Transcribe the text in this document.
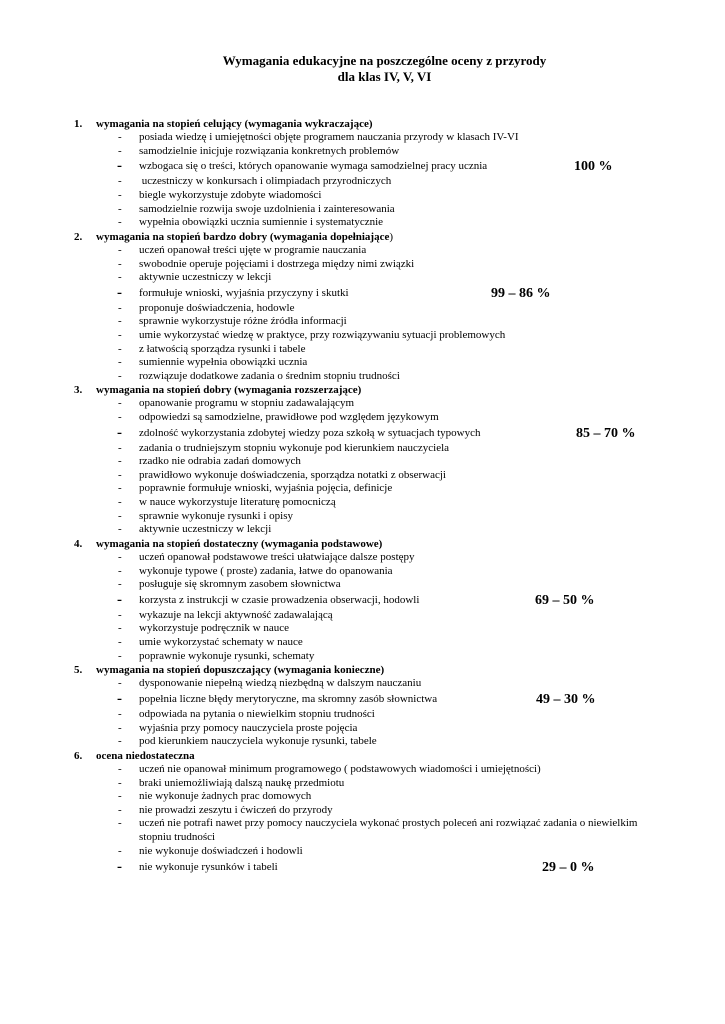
Wymagania edukacyjne na poszczególne oceny z przyrody
dla klas IV, V, VI
1. wymagania na stopień celujący (wymagania wykraczające)
- posiada wiedzę i umiejętności objęte programem nauczania przyrody w klasach IV-VI
- samodzielnie inicjuje rozwiązania konkretnych problemów
- wzbogaca się o treści, których opanowanie wymaga samodzielnej pracy ucznia	100 %
- uczestniczy w konkursach i olimpiadach przyrodniczych
- biegle wykorzystuje zdobyte wiadomości
- samodzielnie rozwija swoje uzdolnienia i zainteresowania
- wypełnia obowiązki ucznia sumiennie i systematycznie
2. wymagania na stopień bardzo dobry (wymagania dopełniające)
- uczeń opanował treści ujęte w programie nauczania
- swobodnie operuje pojęciami i dostrzega między nimi związki
- aktywnie uczestniczy w lekcji
- formułuje wnioski, wyjaśnia przyczyny i skutki	99 – 86 %
- proponuje doświadczenia, hodowle
- sprawnie wykorzystuje różne źródła informacji
- umie wykorzystać wiedzę w praktyce, przy rozwiązywaniu sytuacji problemowych
- z łatwością sporządza rysunki i tabele
- sumiennie wypełnia obowiązki ucznia
- rozwiązuje dodatkowe zadania o średnim stopniu trudności
3. wymagania na stopień dobry (wymagania rozszerzające)
- opanowanie programu w stopniu zadawalającym
- odpowiedzi są samodzielne, prawidłowe pod względem językowym
- zdolność wykorzystania zdobytej wiedzy poza szkołą w sytuacjach typowych	85 – 70 %
- zadania o trudniejszym stopniu wykonuje pod kierunkiem nauczyciela
- rzadko nie odrabia zadań domowych
- prawidłowo wykonuje doświadczenia, sporządza notatki z obserwacji
- poprawnie formułuje wnioski, wyjaśnia pojęcia, definicje
- w nauce wykorzystuje literaturę pomocniczą
- sprawnie wykonuje rysunki i opisy
- aktywnie uczestniczy w lekcji
4. wymagania na stopień dostateczny (wymagania podstawowe)
- uczeń opanował podstawowe treści ułatwiające dalsze postępy
- wykonuje typowe ( proste) zadania, łatwe do opanowania
- posługuje się skromnym zasobem słownictwa
- korzysta z instrukcji w czasie prowadzenia obserwacji, hodowli	69 – 50 %
- wykazuje na lekcji aktywność zadawalającą
- wykorzystuje podręcznik w nauce
- umie wykorzystać schematy w nauce
- poprawnie wykonuje rysunki, schematy
5. wymagania na stopień dopuszczający (wymagania konieczne)
- dysponowanie niepełną wiedzą niezbędną w dalszym nauczaniu
- popełnia liczne błędy merytoryczne, ma skromny zasób słownictwa	49 – 30 %
- odpowiada na pytania o niewielkim stopniu trudności
- wyjaśnia przy pomocy nauczyciela proste pojęcia
- pod kierunkiem nauczyciela wykonuje rysunki, tabele
6. ocena niedostateczna
- uczeń nie opanował minimum programowego ( podstawowych wiadomości i umiejętności)
- braki uniemożliwiają dalszą naukę przedmiotu
- nie wykonuje żadnych prac domowych
- nie prowadzi zeszytu i ćwiczeń do przyrody
- uczeń nie potrafi nawet przy pomocy nauczyciela wykonać prostych poleceń ani rozwiązać zadania o niewielkim stopniu trudności
- nie wykonuje doświadczeń i hodowli
- nie wykonuje rysunków i tabeli	29 – 0 %
